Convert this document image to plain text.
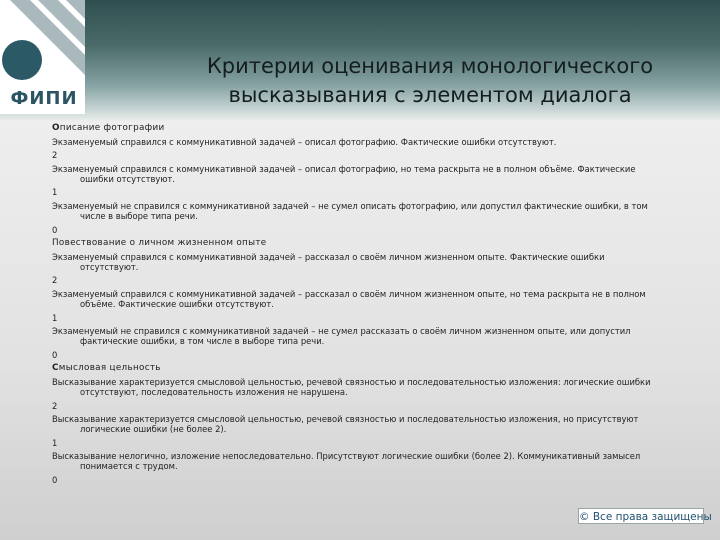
ФИПИ
Критерии оценивания монологического
высказывания с элементом диалога
Описание фотографии
Экзаменуемый справился с коммуникативной задачей – описал фотографию. Фактические ошибки отсутствуют.
2
Экзаменуемый справился с коммуникативной задачей – описал фотографию, но тема раскрыта не в полном объёме. Фактические ошибки отсутствуют.
1
Экзаменуемый не справился с коммуникативной задачей – не сумел описать фотографию, или допустил фактические ошибки, в том числе в выборе типа речи.
0
Повествование о личном жизненном опыте
Экзаменуемый справился с коммуникативной задачей – рассказал о своём личном жизненном опыте. Фактические ошибки отсутствуют.
2
Экзаменуемый справился с коммуникативной задачей – рассказал о своём личном жизненном опыте, но тема раскрыта не в полном объёме. Фактические ошибки отсутствуют.
1
Экзаменуемый не справился с коммуникативной задачей – не сумел рассказать о своём личном жизненном опыте, или допустил фактические ошибки, в том числе в выборе типа речи.
0
Смысловая цельность
Высказывание характеризуется смысловой цельностью, речевой связностью и последовательностью изложения: логические ошибки отсутствуют, последовательность изложения не нарушена.
2
Высказывание характеризуется смысловой цельностью, речевой связностью и последовательностью изложения, но присутствуют логические ошибки (не более 2).
1
Высказывание нелогично, изложение непоследовательно. Присутствуют логические ошибки (более 2). Коммуникативный замысел понимается с трудом.
0
© Все права защищены
